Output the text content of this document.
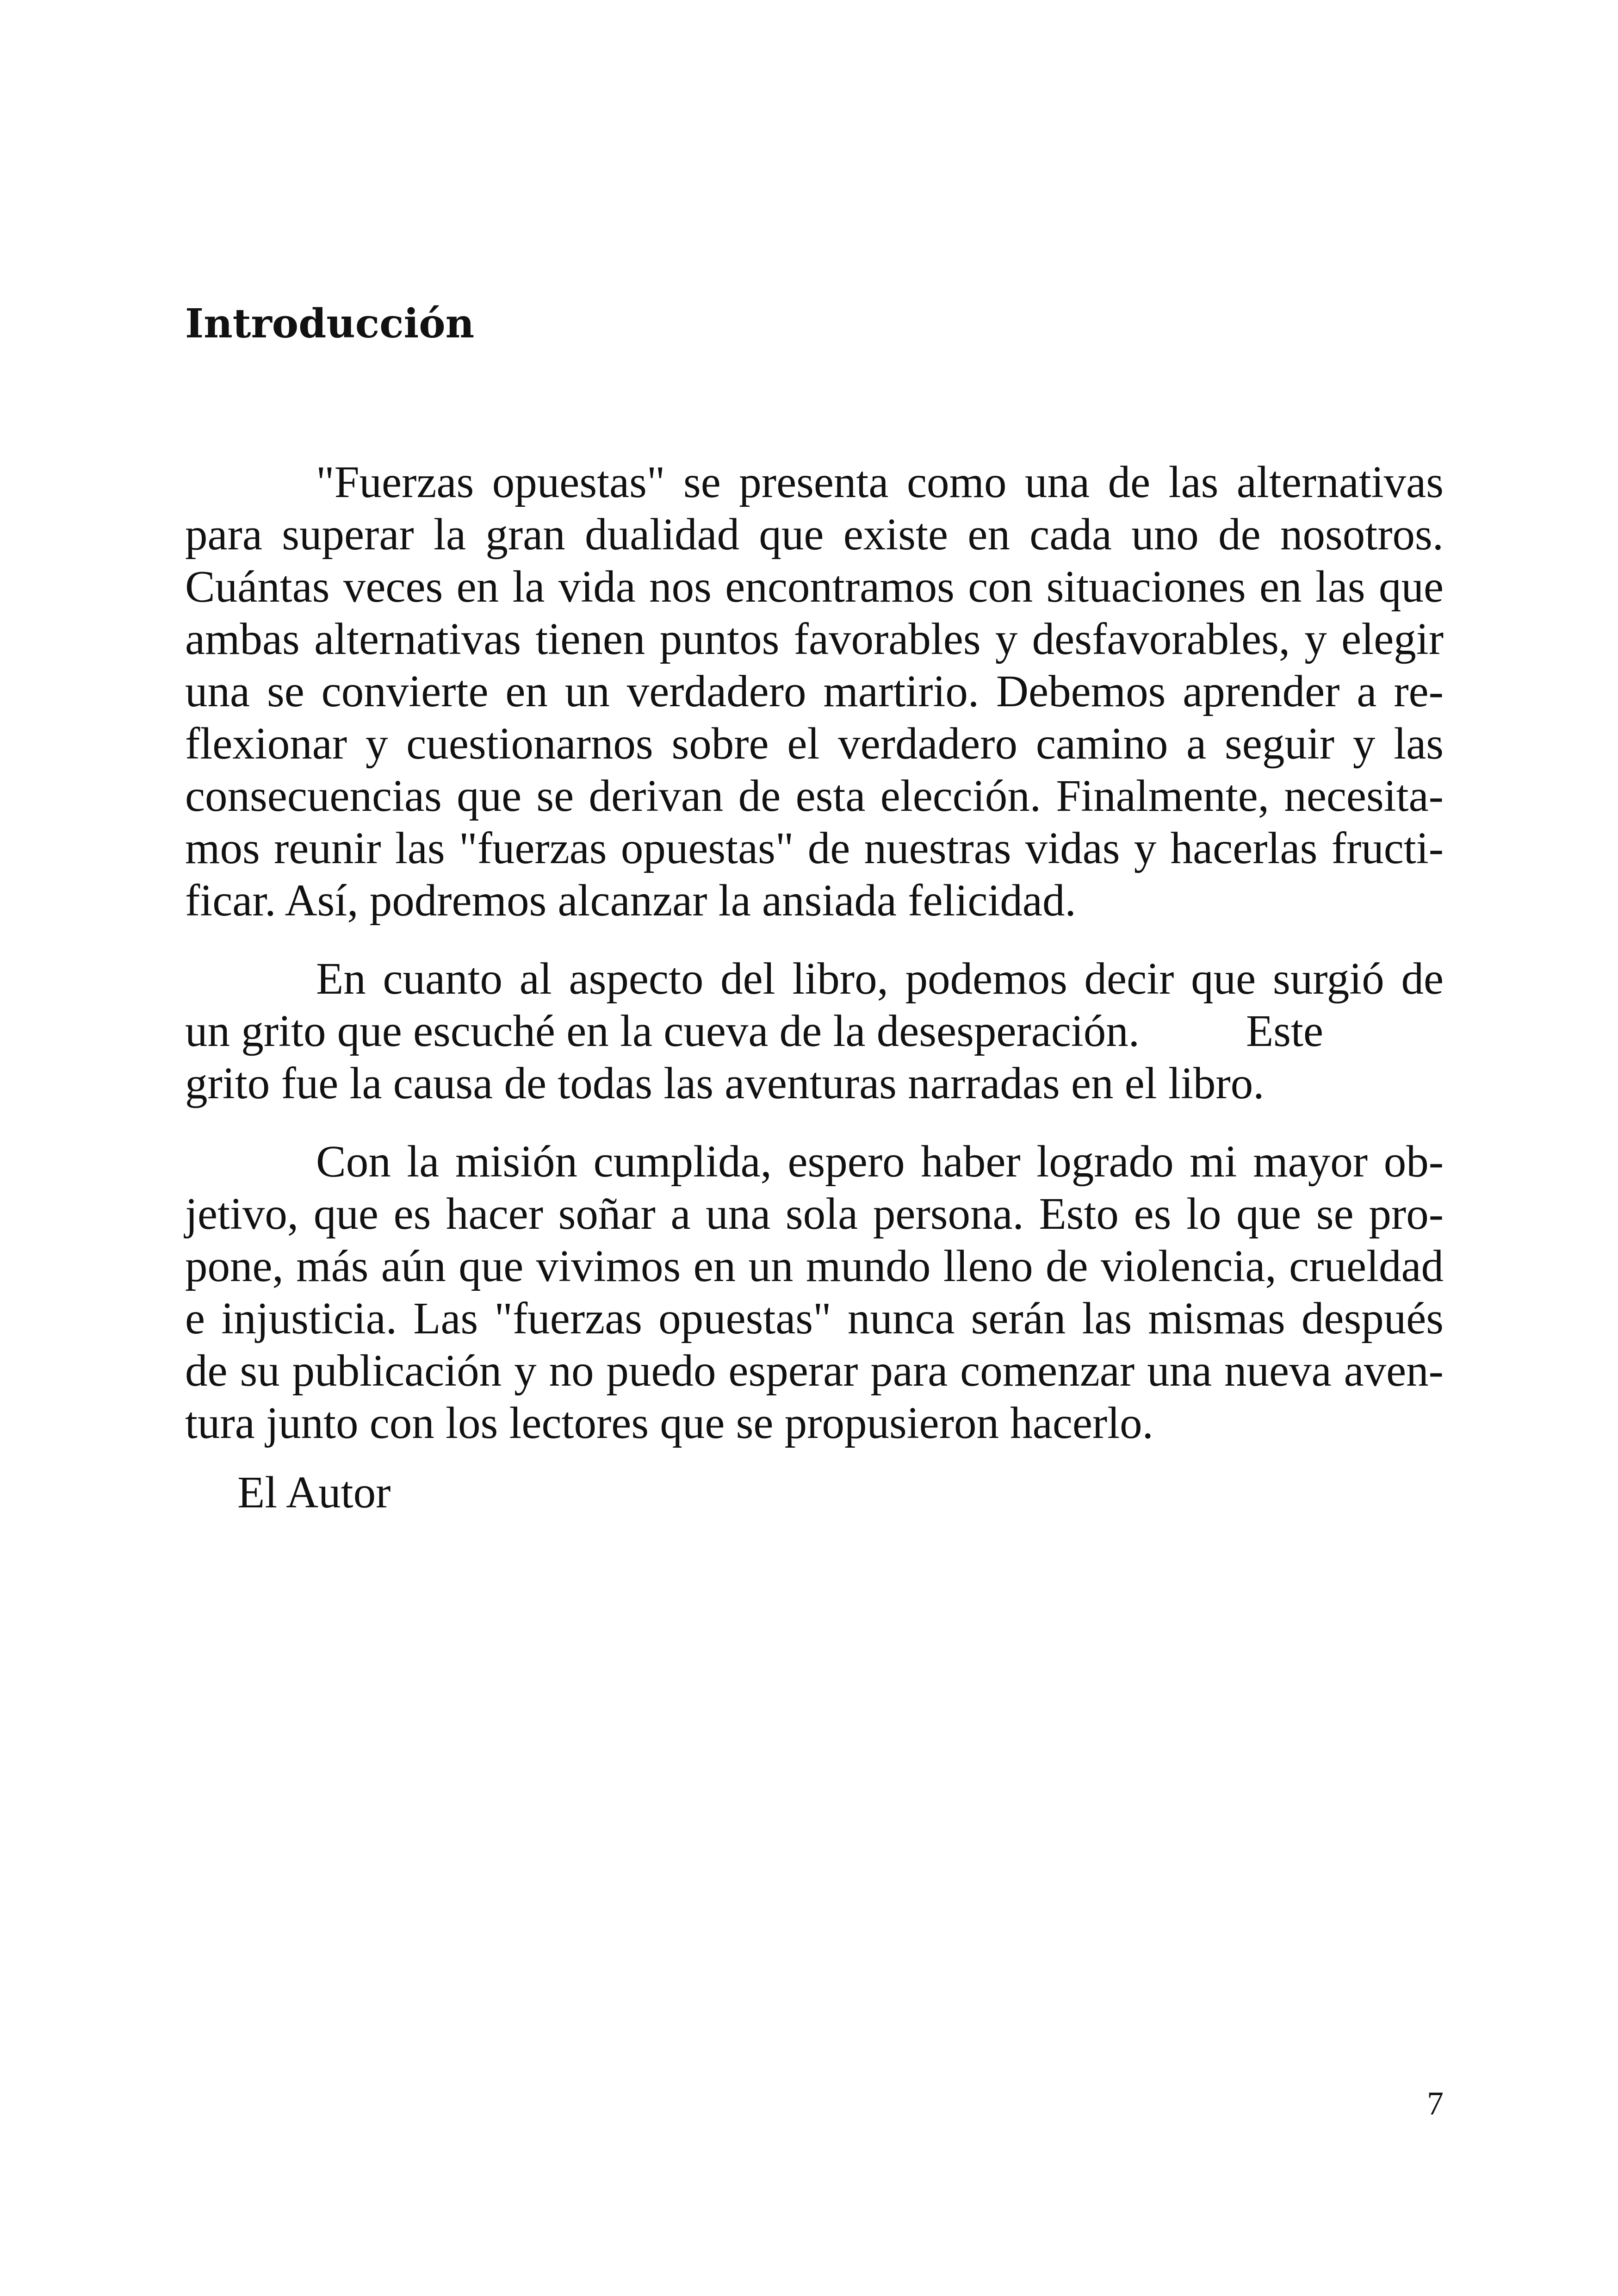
Introducción

"Fuerzas opuestas" se presenta como una de las alternativas
para superar la gran dualidad que existe en cada uno de nosotros.
Cuántas veces en la vida nos encontramos con situaciones en las que
ambas alternativas tienen puntos favorables y desfavorables, y elegir
una se convierte en un verdadero martirio. Debemos aprender a re-
flexionar y cuestionarnos sobre el verdadero camino a seguir y las
consecuencias que se derivan de esta elección. Finalmente, necesita-
mos reunir las "fuerzas opuestas" de nuestras vidas y hacerlas fructi-
ficar. Así, podremos alcanzar la ansiada felicidad.

En cuanto al aspecto del libro, podemos decir que surgió de
un grito que escuché en la cueva de la desesperación. Este
grito fue la causa de todas las aventuras narradas en el libro.

Con la misión cumplida, espero haber logrado mi mayor ob-
jetivo, que es hacer soñar a una sola persona. Esto es lo que se pro-
pone, más aún que vivimos en un mundo lleno de violencia, crueldad
e injusticia. Las "fuerzas opuestas" nunca serán las mismas después
de su publicación y no puedo esperar para comenzar una nueva aven-
tura junto con los lectores que se propusieron hacerlo.

El Autor

7
